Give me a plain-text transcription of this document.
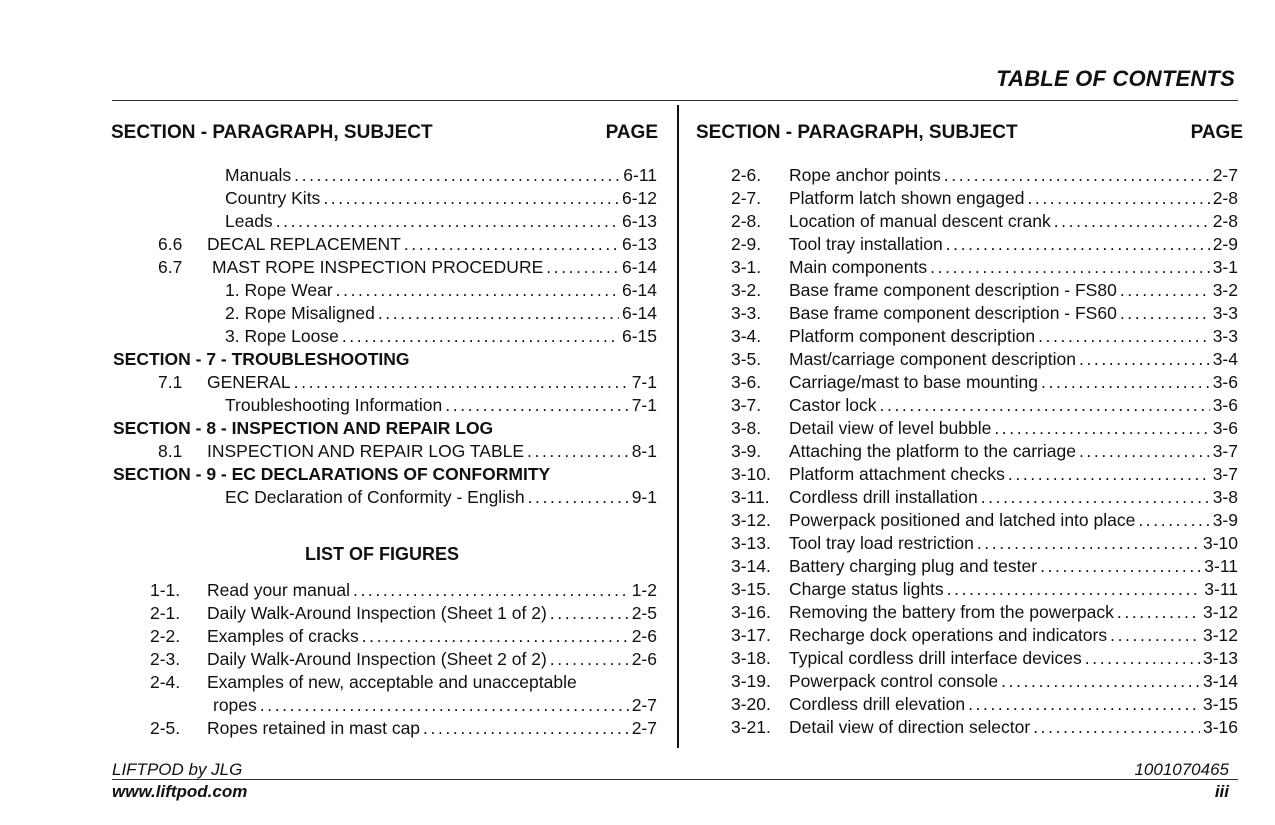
TABLE OF CONTENTS
SECTION - PARAGRAPH, SUBJECT	PAGE SECTION - PARAGRAPH, SUBJECT	PAGE
Manuals .....	6-11
Country Kits .....	6-12
Leads .....	6-13
6.6 DECAL REPLACEMENT .....	6-13
6.7 MAST ROPE INSPECTION PROCEDURE .....	6-14
1. Rope Wear .....	6-14
2. Rope Misaligned .....	6-14
3. Rope Loose .....	6-15
SECTION - 7 - TROUBLESHOOTING
7.1 GENERAL .....	7-1
Troubleshooting Information .....	7-1
SECTION - 8 - INSPECTION AND REPAIR LOG
8.1 INSPECTION AND REPAIR LOG TABLE .....	8-1
SECTION - 9 - EC DECLARATIONS OF CONFORMITY
EC Declaration of Conformity - English .....	9-1
LIST OF FIGURES
1-1. Read your manual .....	1-2
2-1. Daily Walk-Around Inspection (Sheet 1 of 2) .....	2-5
2-2. Examples of cracks .....	2-6
2-3. Daily Walk-Around Inspection (Sheet 2 of 2) .....	2-6
2-4. Examples of new, acceptable and unacceptable
ropes .....	2-7
2-5. Ropes retained in mast cap .....	2-7
2-6. Rope anchor points .....	2-7
2-7. Platform latch shown engaged .....	2-8
2-8. Location of manual descent crank .....	2-8
2-9. Tool tray installation .....	2-9
3-1. Main components .....	3-1
3-2. Base frame component description - FS80 .....	3-2
3-3. Base frame component description - FS60 .....	3-3
3-4. Platform component description .....	3-3
3-5. Mast/carriage component description .....	3-4
3-6. Carriage/mast to base mounting .....	3-6
3-7. Castor lock .....	3-6
3-8. Detail view of level bubble .....	3-6
3-9. Attaching the platform to the carriage .....	3-7
3-10. Platform attachment checks .....	3-7
3-11. Cordless drill installation .....	3-8
3-12. Powerpack positioned and latched into place .....	3-9
3-13. Tool tray load restriction .....	3-10
3-14. Battery charging plug and tester .....	3-11
3-15. Charge status lights .....	3-11
3-16. Removing the battery from the powerpack .....	3-12
3-17. Recharge dock operations and indicators .....	3-12
3-18. Typical cordless drill interface devices .....	3-13
3-19. Powerpack control console .....	3-14
3-20. Cordless drill elevation .....	3-15
3-21. Detail view of direction selector .....	3-16
LIFTPOD by JLG	1001070465
www.liftpod.com	iii
